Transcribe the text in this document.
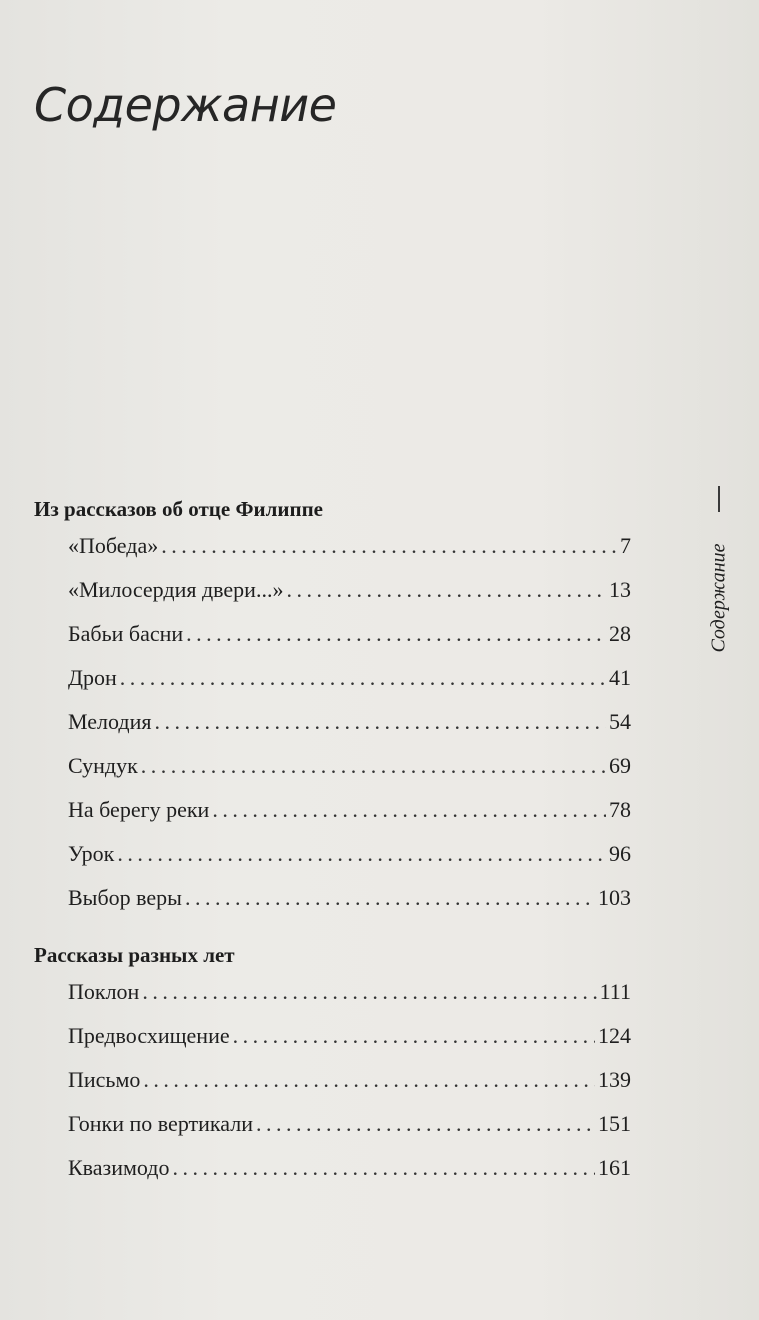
Содержание
Из рассказов об отце Филиппе
«Победа» . . .	7
«Милосердия двери...» . . .	13
Бабьи басни . . .	28
Дрон . . .	41
Мелодия . . .	54
Сундук . . .	69
На берегу реки . . .	78
Урок . . .	96
Выбор веры . . .	103
Рассказы разных лет
Поклон . . .	111
Предвосхищение . . .	124
Письмо . . .	139
Гонки по вертикали . . .	151
Квазимодо . . .	161
Содержание
